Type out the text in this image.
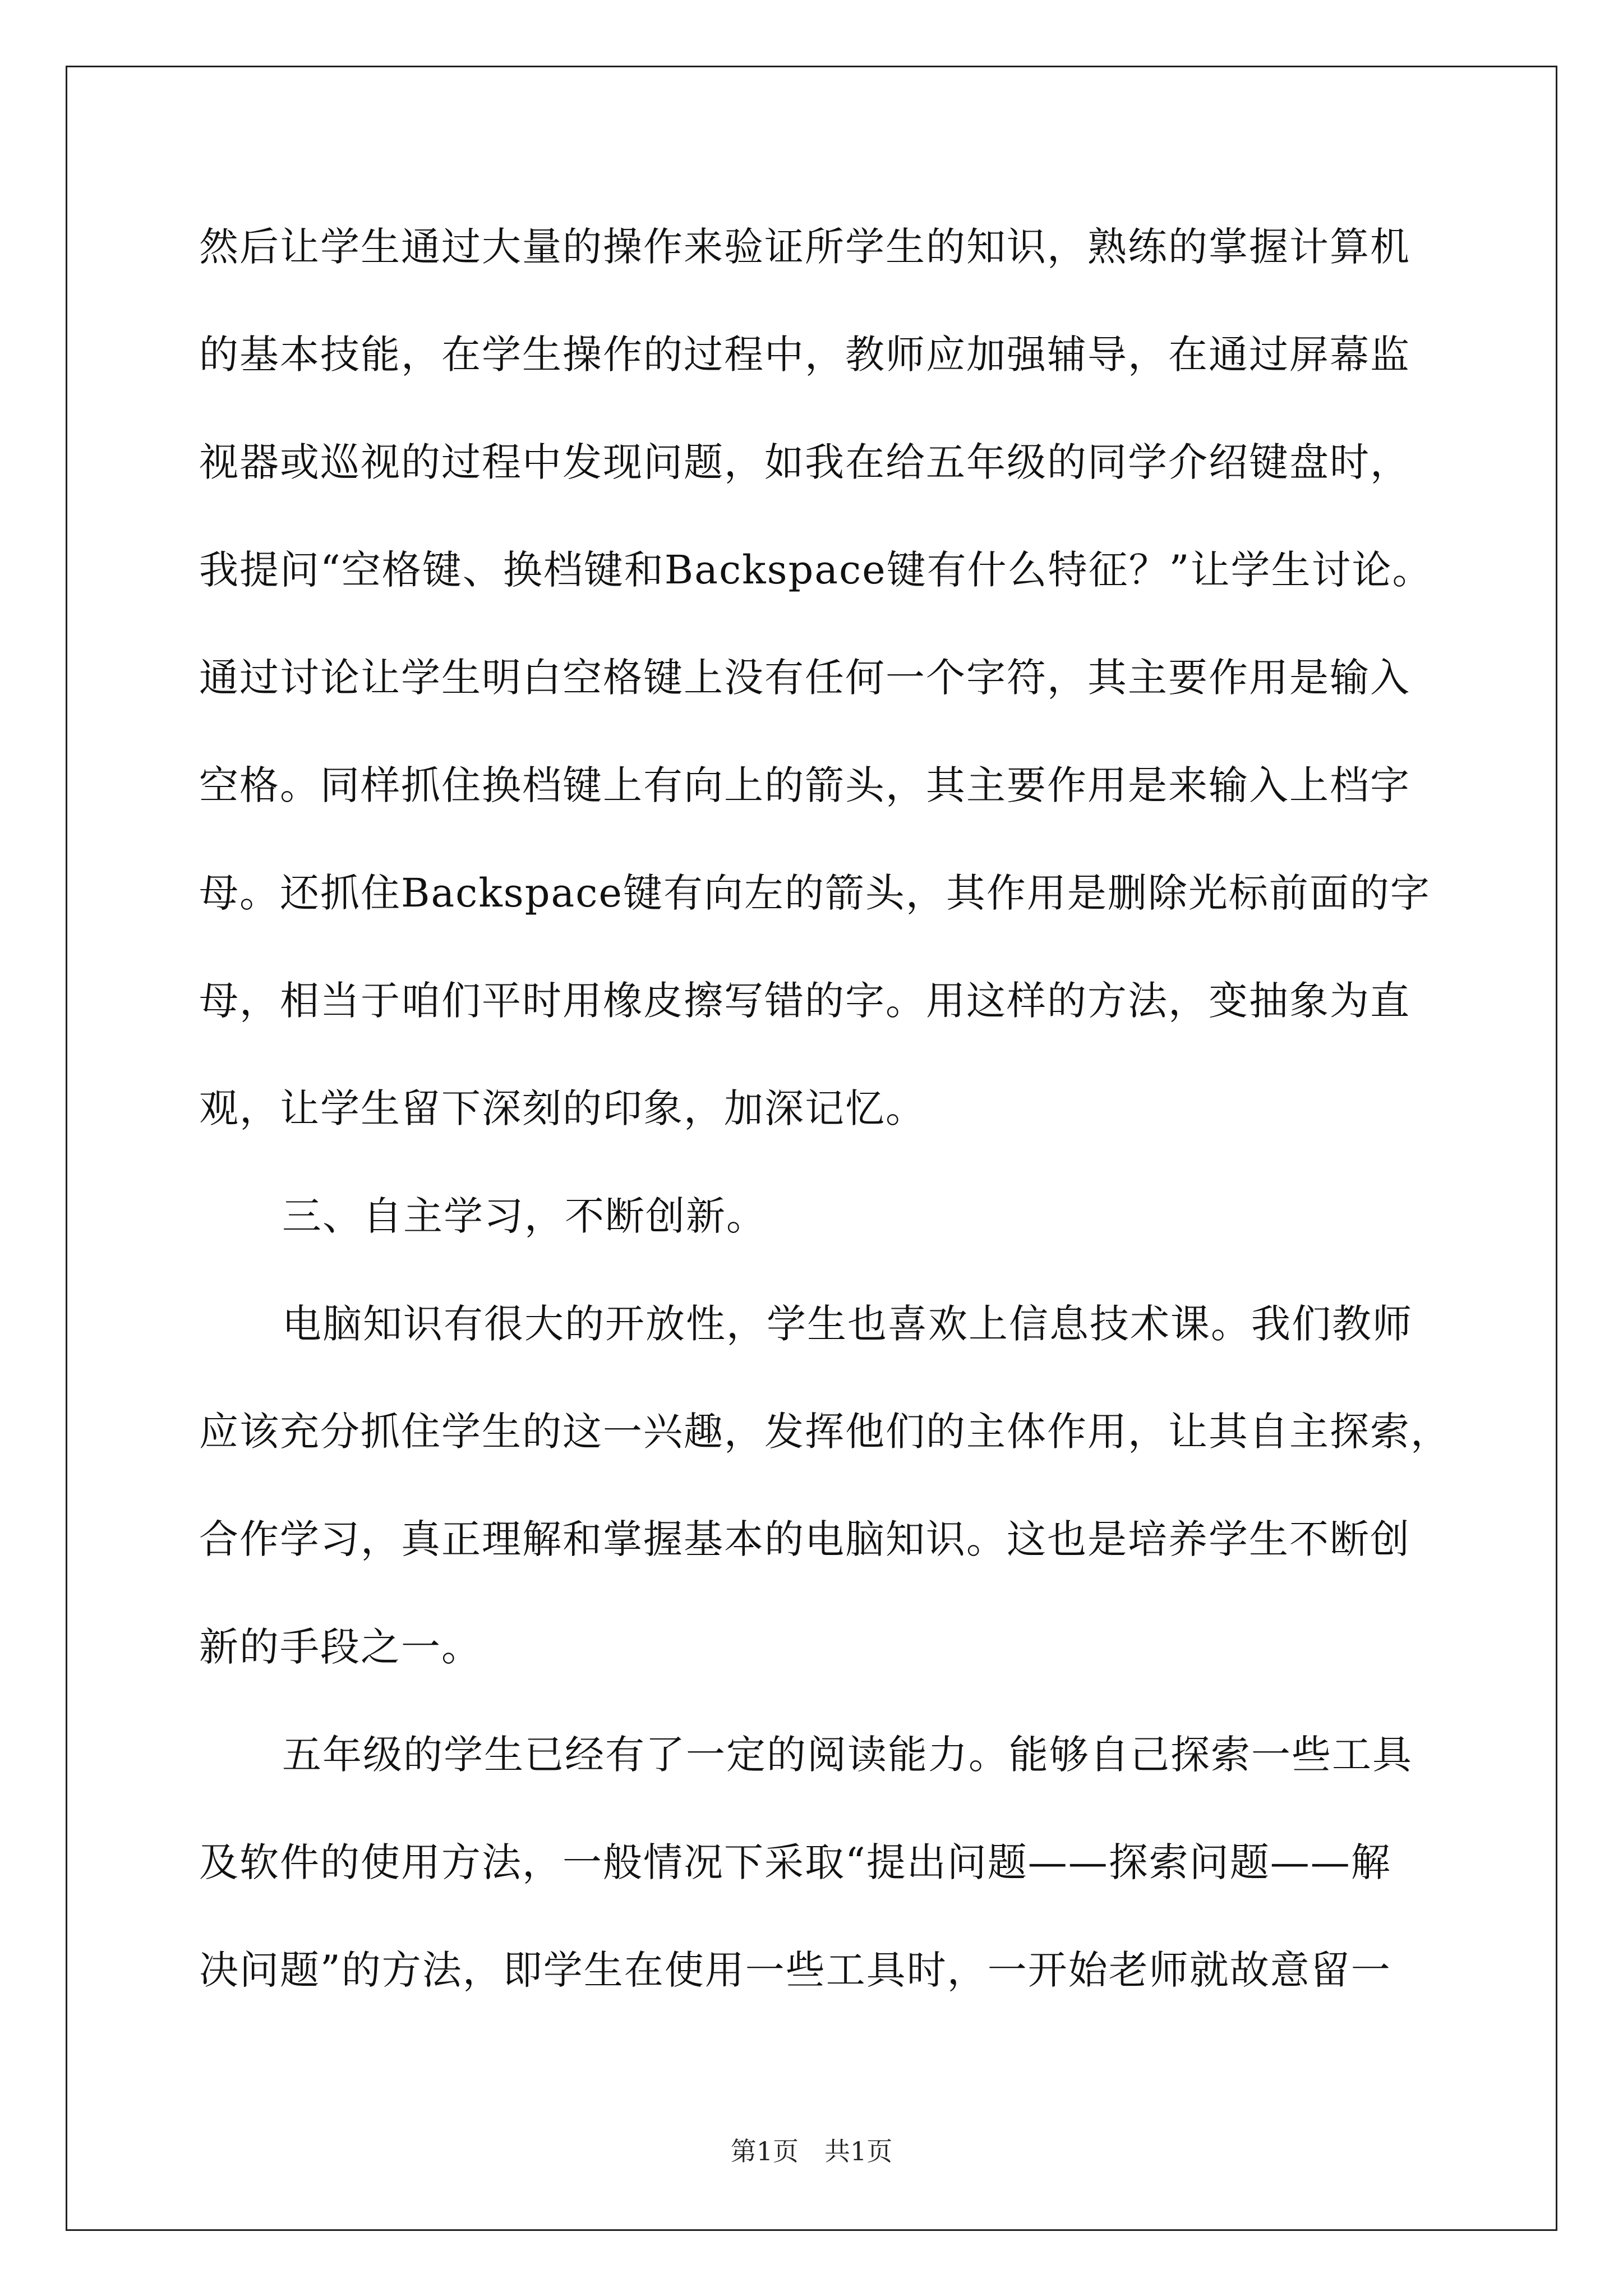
然后让学生通过大量的操作来验证所学生的知识，熟练的掌握计算机
的基本技能，在学生操作的过程中，教师应加强辅导，在通过屏幕监
视器或巡视的过程中发现问题，如我在给五年级的同学介绍键盘时，
我提问“空格键、换档键和Backspace键有什么特征？”让学生讨论。
通过讨论让学生明白空格键上没有任何一个字符，其主要作用是输入
空格。同样抓住换档键上有向上的箭头，其主要作用是来输入上档字
母。还抓住Backspace键有向左的箭头，其作用是删除光标前面的字
母，相当于咱们平时用橡皮擦写错的字。用这样的方法，变抽象为直
观，让学生留下深刻的印象，加深记忆。
三、自主学习，不断创新。
电脑知识有很大的开放性，学生也喜欢上信息技术课。我们教师
应该充分抓住学生的这一兴趣，发挥他们的主体作用，让其自主探索，
合作学习，真正理解和掌握基本的电脑知识。这也是培养学生不断创
新的手段之一。
五年级的学生已经有了一定的阅读能力。能够自己探索一些工具
及软件的使用方法，一般情况下采取“提出问题——探索问题——解
决问题”的方法，即学生在使用一些工具时，一开始老师就故意留一
第1页　共1页
